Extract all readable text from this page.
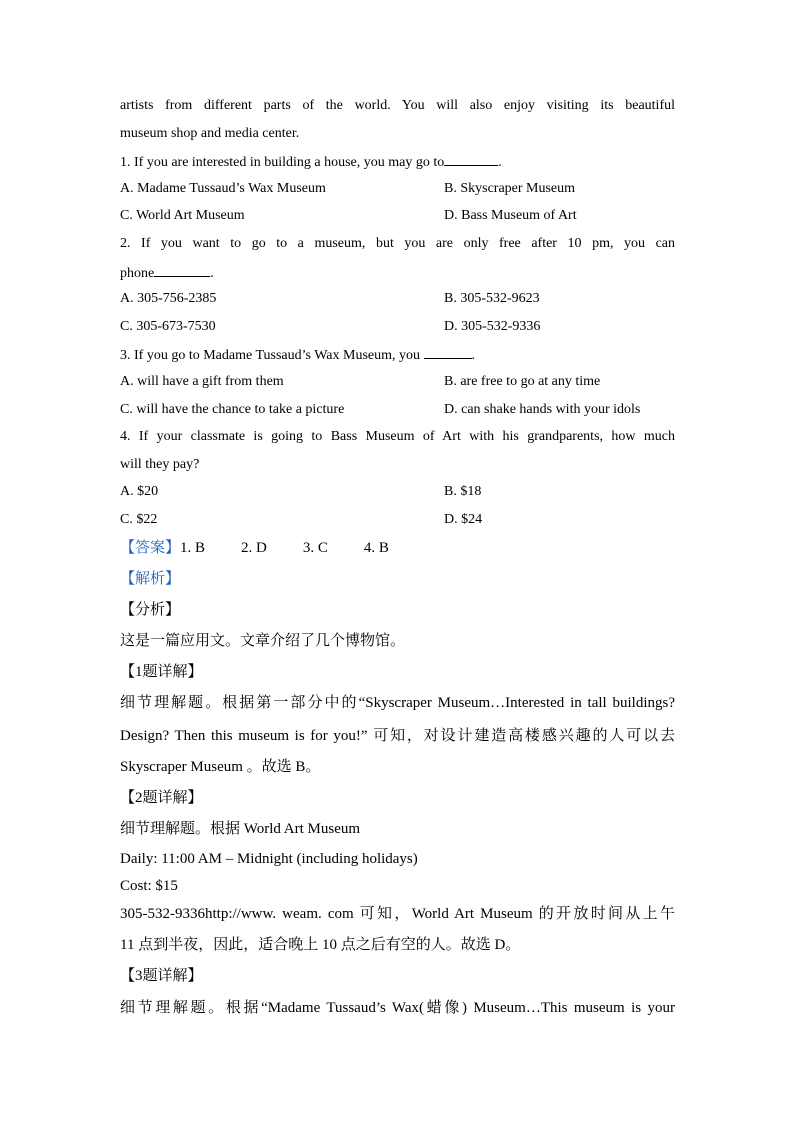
artists from different parts of the world. You will also enjoy visiting its beautiful
museum shop and media center.
1. If you are interested in building a house, you may go to	.
A. Madame Tussaud’s Wax Museum	B. Skyscraper Museum
C. World Art Museum	D. Bass Museum of Art
2. If you want to go to a museum, but you are only free after 10 pm, you can
phone	.
A. 305-756-2385	B. 305-532-9623
C. 305-673-7530	D. 305-532-9336
3. If you go to Madame Tussaud’s Wax Museum, you	.
A. will have a gift from them	B. are free to go at any time
C. will have the chance to take a picture	D. can shake hands with your idols
4. If your classmate is going to Bass Museum of Art with his grandparents, how much
will they pay?
A. $20	B. $18
C. $22	D. $24
【答案】1. B 2. D 3. C 4. B
【解析】
【分析】
这是一篇应用文。文章介绍了几个博物馆。
【1题详解】
细节理解题。根据第一部分中的“Skyscraper Museum…Interested in tall buildings?
Design? Then this museum is for you!” 可知，对设计建造高楼感兴趣的人可以去
Skyscraper Museum 。故选 B。
【2题详解】
细节理解题。根据 World Art Museum
Daily: 11:00 AM – Midnight (including holidays)
Cost: $15
305-532-9336http://www. weam. com 可知，World Art Museum 的开放时间从上午
11 点到半夜，因此，适合晚上 10 点之后有空的人。故选 D。
【3题详解】
细节理解题。根据“Madame Tussaud’s Wax(蜡像) Museum…This museum is your
